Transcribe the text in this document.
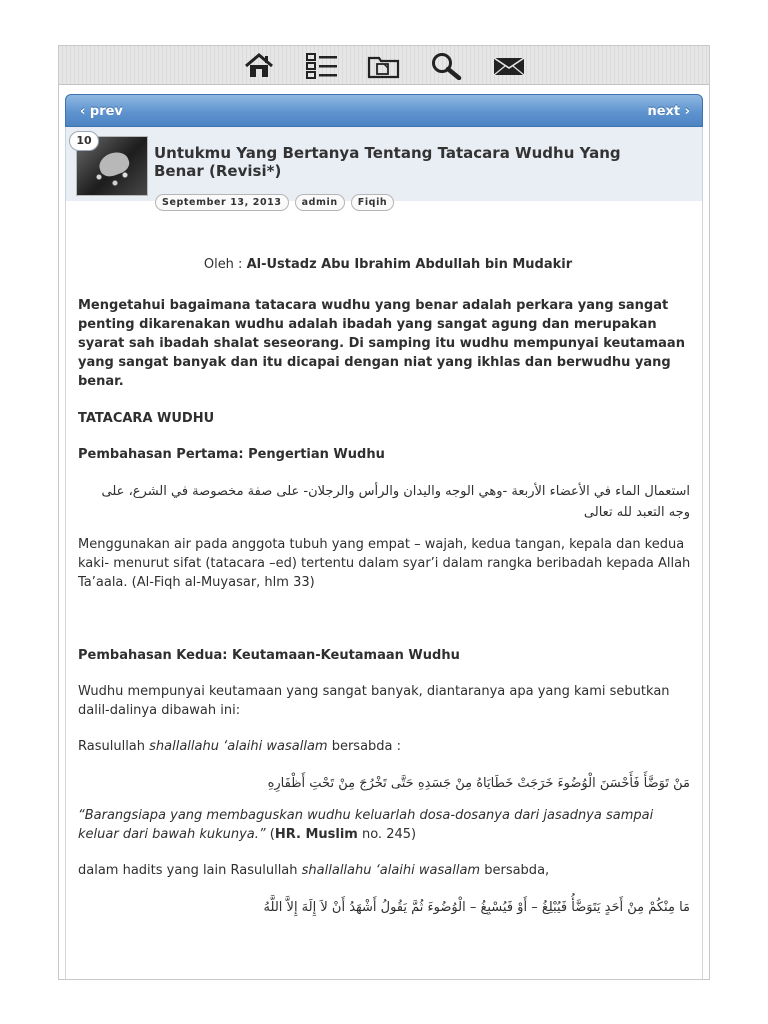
‹ prev	next ›
10
Untukmu Yang Bertanya Tentang Tatacara Wudhu Yang Benar (Revisi*)

Oleh : Al-Ustadz Abu Ibrahim Abdullah bin Mudakir

Mengetahui bagaimana tatacara wudhu yang benar adalah perkara yang sangat penting dikarenakan wudhu adalah ibadah yang sangat agung dan merupakan syarat sah ibadah shalat seseorang. Di samping itu wudhu mempunyai keutamaan yang sangat banyak dan itu dicapai dengan niat yang ikhlas dan berwudhu yang benar.

TATACARA WUDHU

Pembahasan Pertama: Pengertian Wudhu

استعمال الماء في الأعضاء الأربعة -وهي الوجه واليدان والرأس والرجلان- على صفة مخصوصة في الشرع، على وجه التعبد لله تعالى

Menggunakan air pada anggota tubuh yang empat – wajah, kedua tangan, kepala dan kedua kaki- menurut sifat (tatacara –ed) tertentu dalam syar’i dalam rangka beribadah kepada Allah Ta’aala. (Al-Fiqh al-Muyasar, hlm 33)

Pembahasan Kedua: Keutamaan-Keutamaan Wudhu

Wudhu mempunyai keutamaan yang sangat banyak, diantaranya apa yang kami sebutkan dalil-dalinya dibawah ini:

Rasulullah shallallahu ‘alaihi wasallam bersabda :

مَنْ تَوَضَّأَ فَأَحْسَنَ الْوُضُوءَ خَرَجَتْ خَطَايَاهُ مِنْ جَسَدِهِ حَتَّى تَخْرُجَ مِنْ تَحْتِ أَظْفَارِهِ

“Barangsiapa yang membaguskan wudhu keluarlah dosa-dosanya dari jasadnya sampai keluar dari bawah kukunya.” (HR. Muslim no. 245)

dalam hadits yang lain Rasulullah shallallahu ‘alaihi wasallam bersabda,

مَا مِنْكُمْ مِنْ أَحَدٍ يَتَوَضَّأُ فَيُبْلِغُ – أَوْ فَيُسْبِغُ – الْوُضُوءَ ثُمَّ يَقُولُ أَشْهَدُ أَنْ لاَ إِلَهَ إِلاَّ اللَّهُ

September 13, 2013	admin	Fiqih
